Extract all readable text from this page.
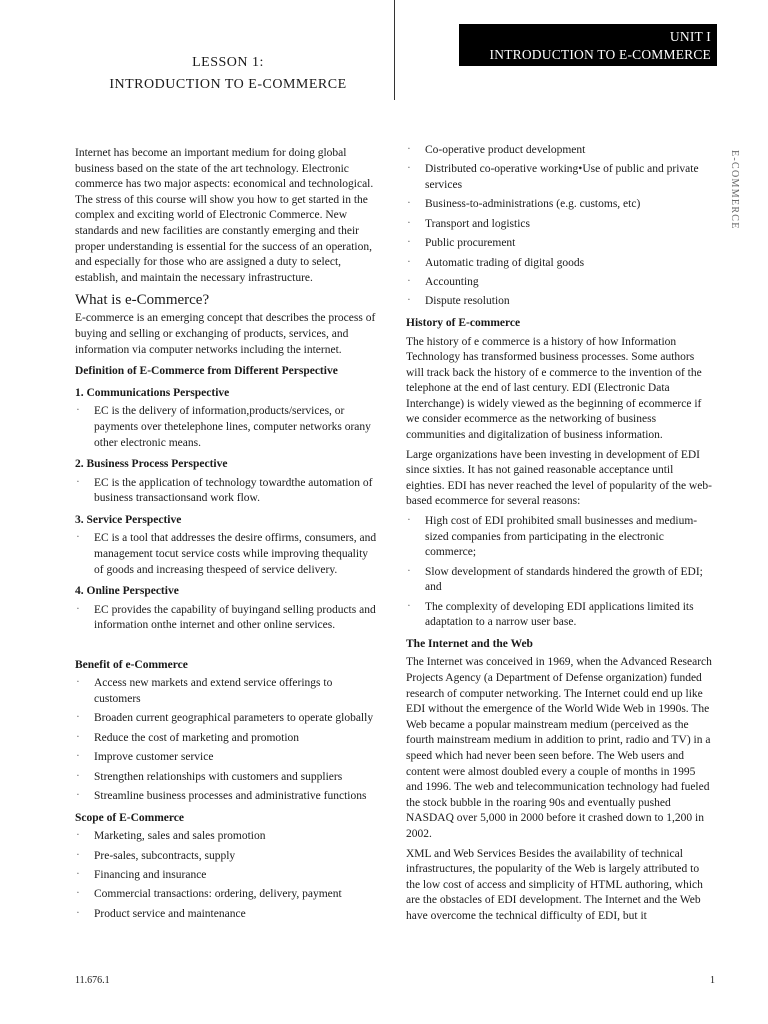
LESSON 1:
INTRODUCTION TO E-COMMERCE
UNIT I
INTRODUCTION TO E-COMMERCE
E-COMMERCE

Internet has become an important medium for doing global business based on the state of the art technology. Electronic commerce has two major aspects: economical and technological. The stress of this course will show you how to get started in the complex and exciting world of Electronic Commerce. New standards and new facilities are constantly emerging and their proper understanding is essential for the success of an operation, and especially for those who are assigned a duty to select, establish, and maintain the necessary infrastructure.

What is e-Commerce?

E-commerce is an emerging concept that describes the process of buying and selling or exchanging of products, services, and information via computer networks including the internet.

Definition of E-Commerce from Different Perspective
1. Communications Perspective
· EC is the delivery of information,products/services, or payments over thetelephone lines, computer networks orany other electronic means.
2. Business Process Perspective
· EC is the application of technology towardthe automation of business transactionsand work flow.
3. Service Perspective
· EC is a tool that addresses the desire offirms, consumers, and management tocut service costs while improving thequality of goods and increasing thespeed of service delivery.
4. Online Perspective
· EC provides the capability of buyingand selling products and information onthe internet and other online services.
Benefit of e-Commerce
· Access new markets and extend service offerings to customers
· Broaden current geographical parameters to operate globally
· Reduce the cost of marketing and promotion
· Improve customer service
· Strengthen relationships with customers and suppliers
· Streamline business processes and administrative functions
Scope of E-Commerce
· Marketing, sales and sales promotion
· Pre-sales, subcontracts, supply
· Financing and insurance
· Commercial transactions: ordering, delivery, payment
· Product service and maintenance
· Co-operative product development
· Distributed co-operative working•Use of public and private services
· Business-to-administrations (e.g. customs, etc)
· Transport and logistics
· Public procurement
· Automatic trading of digital goods
· Accounting
· Dispute resolution
History of E-commerce

The history of e commerce is a history of how Information Technology has transformed business processes. Some authors will track back the history of e commerce to the invention of the telephone at the end of last century. EDI (Electronic Data Interchange) is widely viewed as the beginning of ecommerce if we consider ecommerce as the networking of business communities and digitalization of business information.

Large organizations have been investing in development of EDI since sixties. It has not gained reasonable acceptance until eighties. EDI has never reached the level of popularity of the web-based ecommerce for several reasons:

· High cost of EDI prohibited small businesses and medium-sized companies from participating in the electronic commerce;
· Slow development of standards hindered the growth of EDI; and
· The complexity of developing EDI applications limited its adaptation to a narrow user base.
The Internet and the Web

The Internet was conceived in 1969, when the Advanced Research Projects Agency (a Department of Defense organization) funded research of computer networking. The Internet could end up like EDI without the emergence of the World Wide Web in 1990s. The Web became a popular mainstream medium (perceived as the fourth mainstream medium in addition to print, radio and TV) in a speed which had never been seen before. The Web users and content were almost doubled every a couple of months in 1995 and 1996. The web and telecommunication technology had fueled the stock bubble in the roaring 90s and eventually pushed NASDAQ over 5,000 in 2000 before it crashed down to 1,200 in 2002.

XML and Web Services Besides the availability of technical infrastructures, the popularity of the Web is largely attributed to the low cost of access and simplicity of HTML authoring, which are the obstacles of EDI development. The Internet and the Web have overcome the technical difficulty of EDI, but it

11.676.1	1
